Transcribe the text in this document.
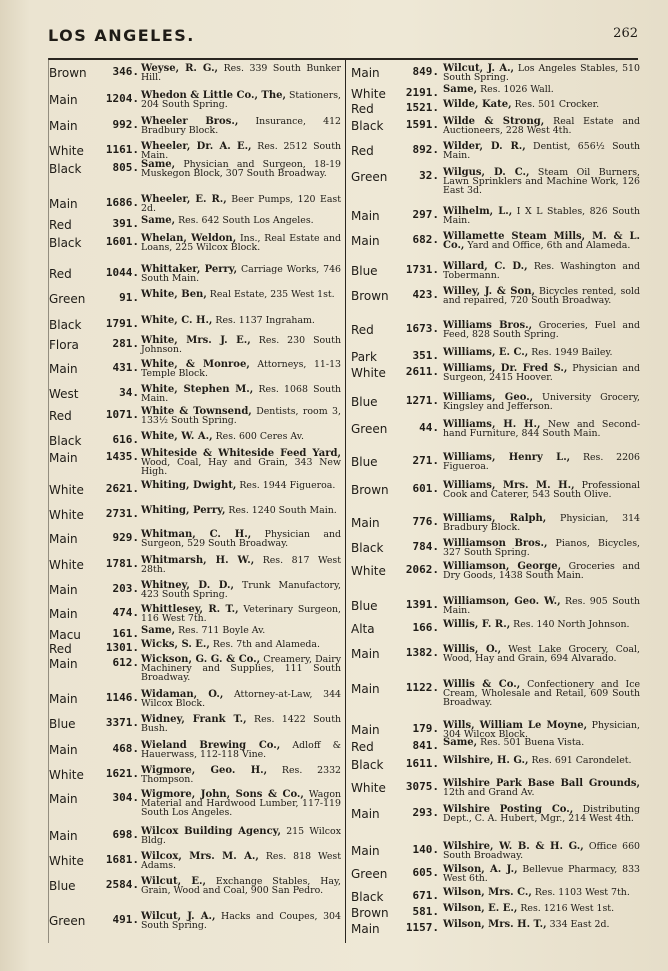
LOS ANGELES.	262
Brown	346. Weyse, R. G., Res. 339 South Bunker Hill.
Main	1204. Whedon & Little Co., The, Stationers, 204 South Spring.
Main	992. Wheeler Bros., Insurance, 412 Bradbury Block.
White	1161. Wheeler, Dr. A. E., Res. 2512 South Main.
Black	805. Same, Physician and Surgeon, 18-19 Muskegon Block, 307 South Broadway.
Main	1686. Wheeler, E. R., Beer Pumps, 120 East 2d.
Red	391. Same, Res. 642 South Los Angeles.
Black	1601. Whelan, Weldon, Ins., Real Estate and Loans, 225 Wilcox Block.
Red	1044. Whittaker, Perry, Carriage Works, 746 South Main.
Green	91. White, Ben, Real Estate, 235 West 1st.
Black	1791. White, C. H., Res. 1137 Ingraham.
Flora	281. White, Mrs. J. E., Res. 230 South Johnson.
Main	431. White, & Monroe, Attorneys, 11-13 Temple Block.
West	34. White, Stephen M., Res. 1068 South Main.
Red	1071. White & Townsend, Dentists, room 3, 133½ South Spring.
Black	616. White, W. A., Res. 600 Ceres Av.
Main	1435. Whiteside & Whiteside Feed Yard, Wood, Coal, Hay and Grain, 343 New High.
White	2621. Whiting, Dwight, Res. 1944 Figueroa.
White	2731. Whiting, Perry, Res. 1240 South Main.
Main	929. Whitman, C. H., Physician and Surgeon, 529 South Broadway.
White	1781. Whitmarsh, H. W., Res. 817 West 28th.
Main	203. Whitney, D. D., Trunk Manufactory, 423 South Spring.
Main	474. Whittlesey, R. T., Veterinary Surgeon, 116 West 7th.
Macu	161. Same, Res. 711 Boyle Av.
Red	1301. Wicks, S. E., Res. 7th and Alameda.
Main	612. Wickson, G. G. & Co., Creamery, Dairy Machinery and Supplies, 111 South Broadway.
Main	1146. Widaman, O., Attorney-at-Law, 344 Wilcox Block.
Blue	3371. Widney, Frank T., Res. 1422 South Bush.
Main	468. Wieland Brewing Co., Adloff & Hauerwass, 112-118 Vine.
White	1621. Wigmore, Geo. H., Res. 2332 Thompson.
Main	304. Wigmore, John, Sons & Co., Wagon Material and Hardwood Lumber, 117-119 South Los Angeles.
Main	698. Wilcox Building Agency, 215 Wilcox Bldg.
White	1681. Wilcox, Mrs. M. A., Res. 818 West Adams.
Blue	2584. Wilcut, E., Exchange Stables, Hay, Grain, Wood and Coal, 900 San Pedro.
Green	491. Wilcut, J. A., Hacks and Coupes, 304 South Spring.
Main	849. Wilcut, J. A., Los Angeles Stables, 510 South Spring.
White	2191. Same, Res. 1026 Wall.
Red	1521. Wilde, Kate, Res. 501 Crocker.
Black	1591. Wilde & Strong, Real Estate and Auctioneers, 228 West 4th.
Red	892. Wilder, D. R., Dentist, 656½ South Main.
Green	32. Wilgus, D. C., Steam Oil Burners, Lawn Sprinklers and Machine Work, 126 East 3d.
Main	297. Wilhelm, L., I X L Stables, 826 South Main.
Main	682. Willamette Steam Mills, M. & L. Co., Yard and Office, 6th and Alameda.
Blue	1731. Willard, C. D., Res. Washington and Tobermann.
Brown	423. Willey, J. & Son, Bicycles rented, sold and repaired, 720 South Broadway.
Red	1673. Williams Bros., Groceries, Fuel and Feed, 828 South Spring.
Park	351. Williams, E. C., Res. 1949 Bailey.
White	2611. Williams, Dr. Fred S., Physician and Surgeon, 2415 Hoover.
Blue	1271. Williams, Geo., University Grocery, Kingsley and Jefferson.
Green	44. Williams, H. H., New and Second-hand Furniture, 844 South Main.
Blue	271. Williams, Henry L., Res. 2206 Figueroa.
Brown	601. Williams, Mrs. M. H., Professional Cook and Caterer, 543 South Olive.
Main	776. Williams, Ralph, Physician, 314 Bradbury Block.
Black	784. Williamson Bros., Pianos, Bicycles, 327 South Spring.
White	2062. Williamson, George, Groceries and Dry Goods, 1438 South Main.
Blue	1391. Williamson, Geo. W., Res. 905 South Main.
Alta	166. Willis, F. R., Res. 140 North Johnson.
Main	1382. Willis, O., West Lake Grocery, Coal, Wood, Hay and Grain, 694 Alvarado.
Main	1122. Willis & Co., Confectionery and Ice Cream, Wholesale and Retail, 609 South Broadway.
Main	179. Wills, William Le Moyne, Physician, 304 Wilcox Block.
Red	841. Same, Res. 501 Buena Vista.
Black	1611. Wilshire, H. G., Res. 691 Carondelet.
White	3075. Wilshire Park Base Ball Grounds, 12th and Grand Av.
Main	293. Wilshire Posting Co., Distributing Dept., C. A. Hubert, Mgr., 214 West 4th.
Main	140. Wilshire, W. B. & H. G., Office 660 South Broadway.
Green	605. Wilson, A. J., Bellevue Pharmacy, 833 West 6th.
Black	671. Wilson, Mrs. C., Res. 1103 West 7th.
Brown	581. Wilson, E. E., Res. 1216 West 1st.
Main	1157. Wilson, Mrs. H. T., 334 East 2d.
